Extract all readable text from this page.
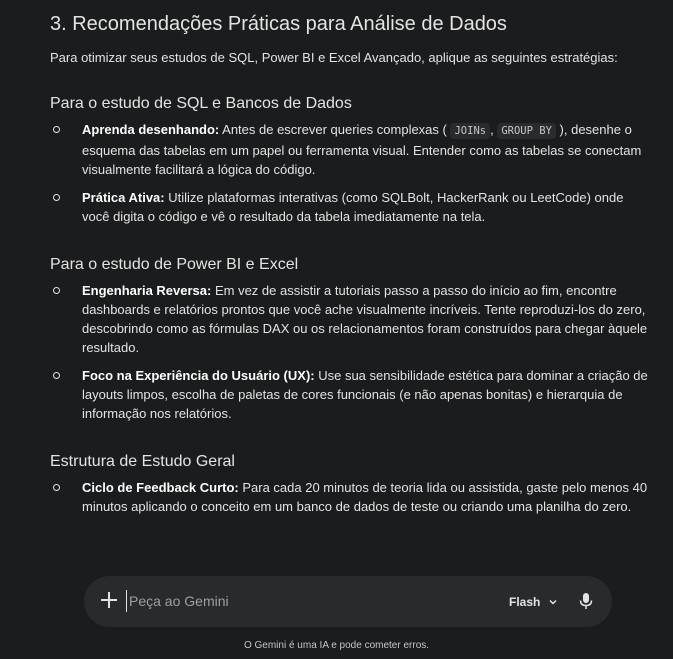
3. Recomendações Práticas para Análise de Dados

Para otimizar seus estudos de SQL, Power BI e Excel Avançado, aplique as seguintes estratégias:

Para o estudo de SQL e Bancos de Dados
Aprenda desenhando: Antes de escrever queries complexas ( JOINs , GROUP BY ), desenhe o esquema das tabelas em um papel ou ferramenta visual. Entender como as tabelas se conectam visualmente facilitará a lógica do código.
Prática Ativa: Utilize plataformas interativas (como SQLBolt, HackerRank ou LeetCode) onde você digita o código e vê o resultado da tabela imediatamente na tela.
Para o estudo de Power BI e Excel
Engenharia Reversa: Em vez de assistir a tutoriais passo a passo do início ao fim, encontre dashboards e relatórios prontos que você ache visualmente incríveis. Tente reproduzi-los do zero, descobrindo como as fórmulas DAX ou os relacionamentos foram construídos para chegar àquele resultado.
Foco na Experiência do Usuário (UX): Use sua sensibilidade estética para dominar a criação de layouts limpos, escolha de paletas de cores funcionais (e não apenas bonitas) e hierarquia de informação nos relatórios.
Estrutura de Estudo Geral
Ciclo de Feedback Curto: Para cada 20 minutos de teoria lida ou assistida, gaste pelo menos 40 minutos aplicando o conceito em um banco de dados de teste ou criando uma planilha do zero.
Peça ao Gemini
Flash
O Gemini é uma IA e pode cometer erros.
